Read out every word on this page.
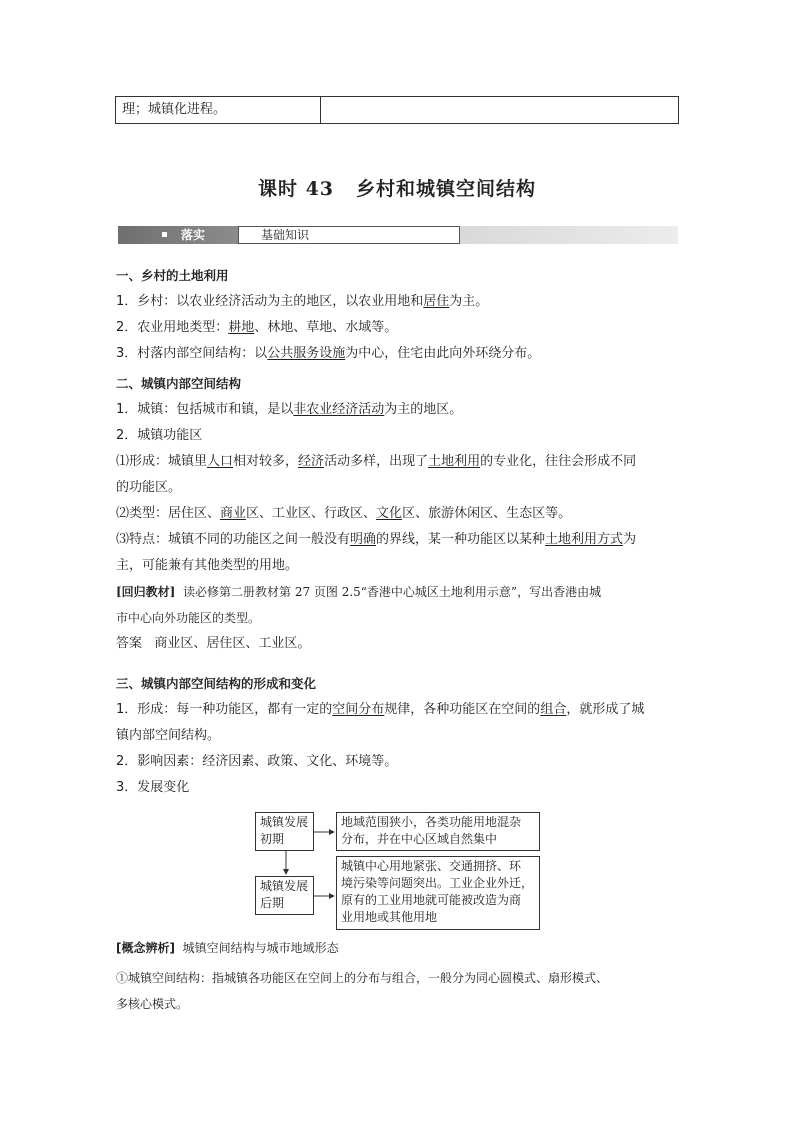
理；城镇化进程。
课时 43 乡村和城镇空间结构
落实	基础知识
一、乡村的土地利用
1．乡村：以农业经济活动为主的地区，以农业用地和居住为主。
2．农业用地类型：耕地、林地、草地、水域等。
3．村落内部空间结构：以公共服务设施为中心，住宅由此向外环绕分布。
二、城镇内部空间结构
1．城镇：包括城市和镇，是以非农业经济活动为主的地区。
2．城镇功能区
⑴形成：城镇里人口相对较多，经济活动多样，出现了土地利用的专业化，往往会形成不同
的功能区。
⑵类型：居住区、商业区、工业区、行政区、文化区、旅游休闲区、生态区等。
⑶特点：城镇不同的功能区之间一般没有明确的界线，某一种功能区以某种土地利用方式为
主，可能兼有其他类型的用地。
[回归教材] 读必修第二册教材第 27 页图 2.5“香港中心城区土地利用示意”，写出香港由城
市中心向外功能区的类型。
答案 商业区、居住区、工业区。
三、城镇内部空间结构的形成和变化
1．形成：每一种功能区，都有一定的空间分布规律，各种功能区在空间的组合，就形成了城
镇内部空间结构。
2．影响因素：经济因素、政策、文化、环境等。
3．发展变化
城镇发展
初期
地域范围狭小，各类功能用地混杂
分布，并在中心区域自然集中
城镇发展
后期
城镇中心用地紧张、交通拥挤、环
境污染等问题突出。工业企业外迁，
原有的工业用地就可能被改造为商
业用地或其他用地
[概念辨析] 城镇空间结构与城市地域形态
①城镇空间结构：指城镇各功能区在空间上的分布与组合，一般分为同心圆模式、扇形模式、
多核心模式。
